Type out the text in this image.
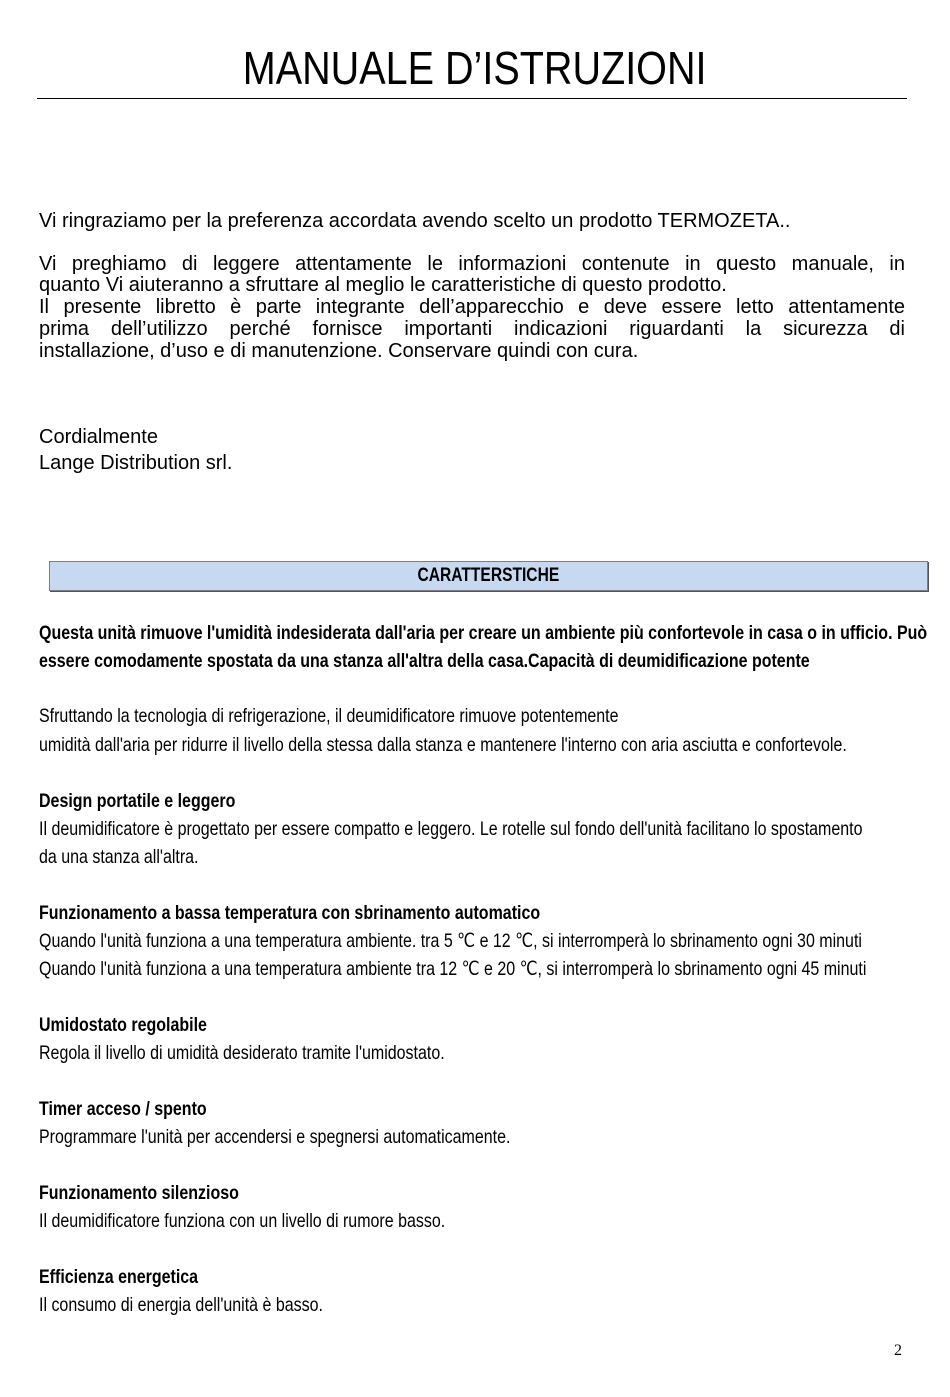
MANUALE D’ISTRUZIONI
Vi ringraziamo per la preferenza accordata avendo scelto un prodotto TERMOZETA..
Vi preghiamo di leggere attentamente le informazioni contenute in questo manuale, in
quanto Vi aiuteranno a sfruttare al meglio le caratteristiche di questo prodotto.
Il presente libretto è parte integrante dell’apparecchio e deve essere letto attentamente
prima dell’utilizzo perché fornisce importanti indicazioni riguardanti la sicurezza di
installazione, d’uso e di manutenzione. Conservare quindi con cura.
Cordialmente
Lange Distribution srl.
CARATTERSTICHE
Questa unità rimuove l'umidità indesiderata dall'aria per creare un ambiente più confortevole in casa o in ufficio. Può
essere comodamente spostata da una stanza all'altra della casa.Capacità di deumidificazione potente
Sfruttando la tecnologia di refrigerazione, il deumidificatore rimuove potentemente
umidità dall'aria per ridurre il livello della stessa dalla stanza e mantenere l'interno con aria asciutta e confortevole.
Design portatile e leggero
Il deumidificatore è progettato per essere compatto e leggero. Le rotelle sul fondo dell'unità facilitano lo spostamento
da una stanza all'altra.
Funzionamento a bassa temperatura con sbrinamento automatico
Quando l'unità funziona a una temperatura ambiente. tra 5 ℃ e 12 ℃, si interromperà lo sbrinamento ogni 30 minuti
Quando l'unità funziona a una temperatura ambiente tra 12 ℃ e 20 ℃, si interromperà lo sbrinamento ogni 45 minuti
Umidostato regolabile
Regola il livello di umidità desiderato tramite l'umidostato.
Timer acceso / spento
Programmare l'unità per accendersi e spegnersi automaticamente.
Funzionamento silenzioso
Il deumidificatore funziona con un livello di rumore basso.
Efficienza energetica
Il consumo di energia dell'unità è basso.
2
